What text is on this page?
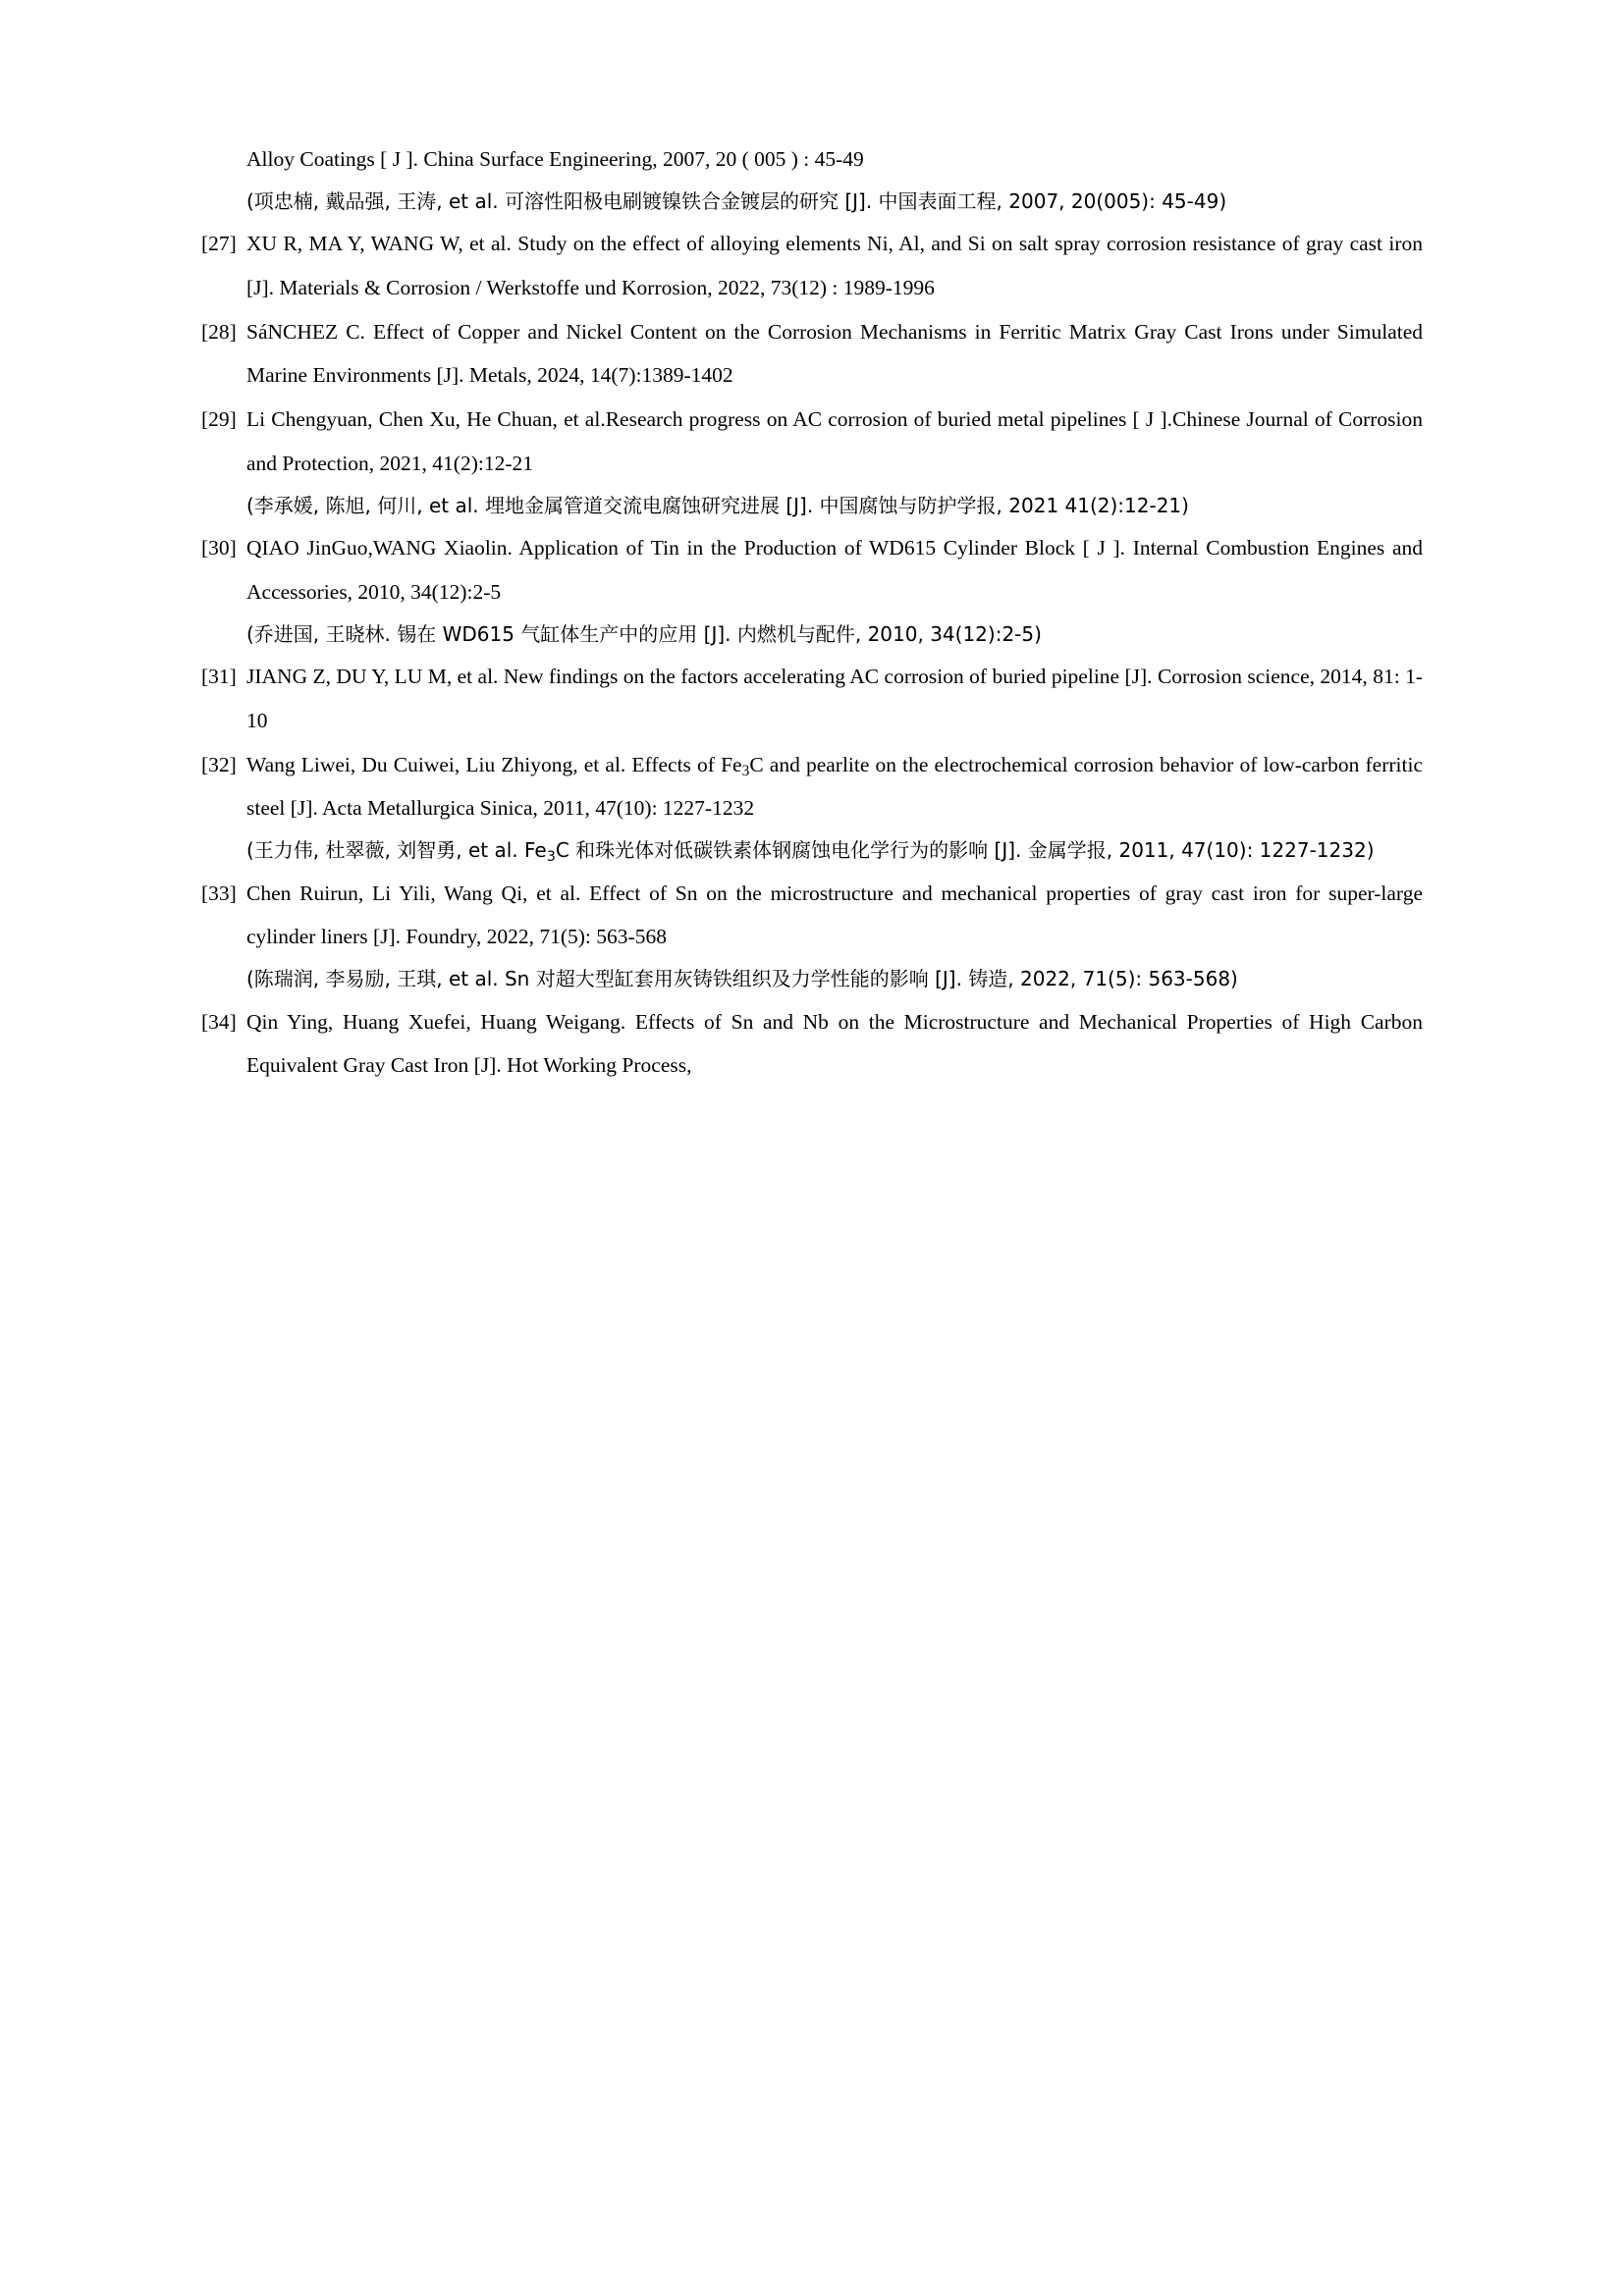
Alloy Coatings [ J ]. China Surface Engineering, 2007, 20 ( 005 ) : 45-49
(项忠楠, 戴品强, 王涛, et al. 可溶性阳极电刷镀镍铁合金镀层的研究 [J]. 中国表面工程, 2007, 20(005): 45-49)
[27] XU R, MA Y, WANG W, et al. Study on the effect of alloying elements Ni, Al, and Si on salt spray corrosion resistance of gray cast iron [J]. Materials & Corrosion / Werkstoffe und Korrosion, 2022, 73(12) : 1989-1996

[28] SáNCHEZ C. Effect of Copper and Nickel Content on the Corrosion Mechanisms in Ferritic Matrix Gray Cast Irons under Simulated Marine Environments [J]. Metals, 2024, 14(7):1389-1402

[29] Li Chengyuan, Chen Xu, He Chuan, et al.Research progress on AC corrosion of buried metal pipelines [ J ].Chinese Journal of Corrosion and Protection, 2021, 41(2):12-21

(李承媛, 陈旭, 何川, et al. 埋地金属管道交流电腐蚀研究进展 [J]. 中国腐蚀与防护学报, 2021 41(2):12-21)

[30] QIAO JinGuo,WANG Xiaolin. Application of Tin in the Production of WD615 Cylinder Block [ J ]. Internal Combustion Engines and Accessories, 2010, 34(12):2-5

(乔进国, 王晓林. 锡在 WD615 气缸体生产中的应用 [J]. 内燃机与配件, 2010, 34(12):2-5)

[31] JIANG Z, DU Y, LU M, et al. New findings on the factors accelerating AC corrosion of buried pipeline [J]. Corrosion science, 2014, 81: 1-10

[32] Wang Liwei, Du Cuiwei, Liu Zhiyong, et al. Effects of $Fe_3C$ and pearlite on the electrochemical corrosion behavior of low-carbon ferritic steel [J]. Acta Metallurgica Sinica, 2011, 47(10): 1227-1232

(王力伟, 杜翠薇, 刘智勇, et al. $Fe_3C$ 和珠光体对低碳铁素体钢腐蚀电化学行为的影响 [J]. 金属学报, 2011, 47(10): 1227-1232)

[33] Chen Ruirun, Li Yili, Wang Qi, et al. Effect of Sn on the microstructure and mechanical properties of gray cast iron for super-large cylinder liners [J]. Foundry, 2022, 71(5): 563-568

(陈瑞润, 李易励, 王琪, et al. Sn 对超大型缸套用灰铸铁组织及力学性能的影响 [J]. 铸造, 2022, 71(5): 563-568)

[34] Qin Ying, Huang Xuefei, Huang Weigang. Effects of Sn and Nb on the Microstructure and Mechanical Properties of High Carbon Equivalent Gray Cast Iron [J]. Hot Working Process,
